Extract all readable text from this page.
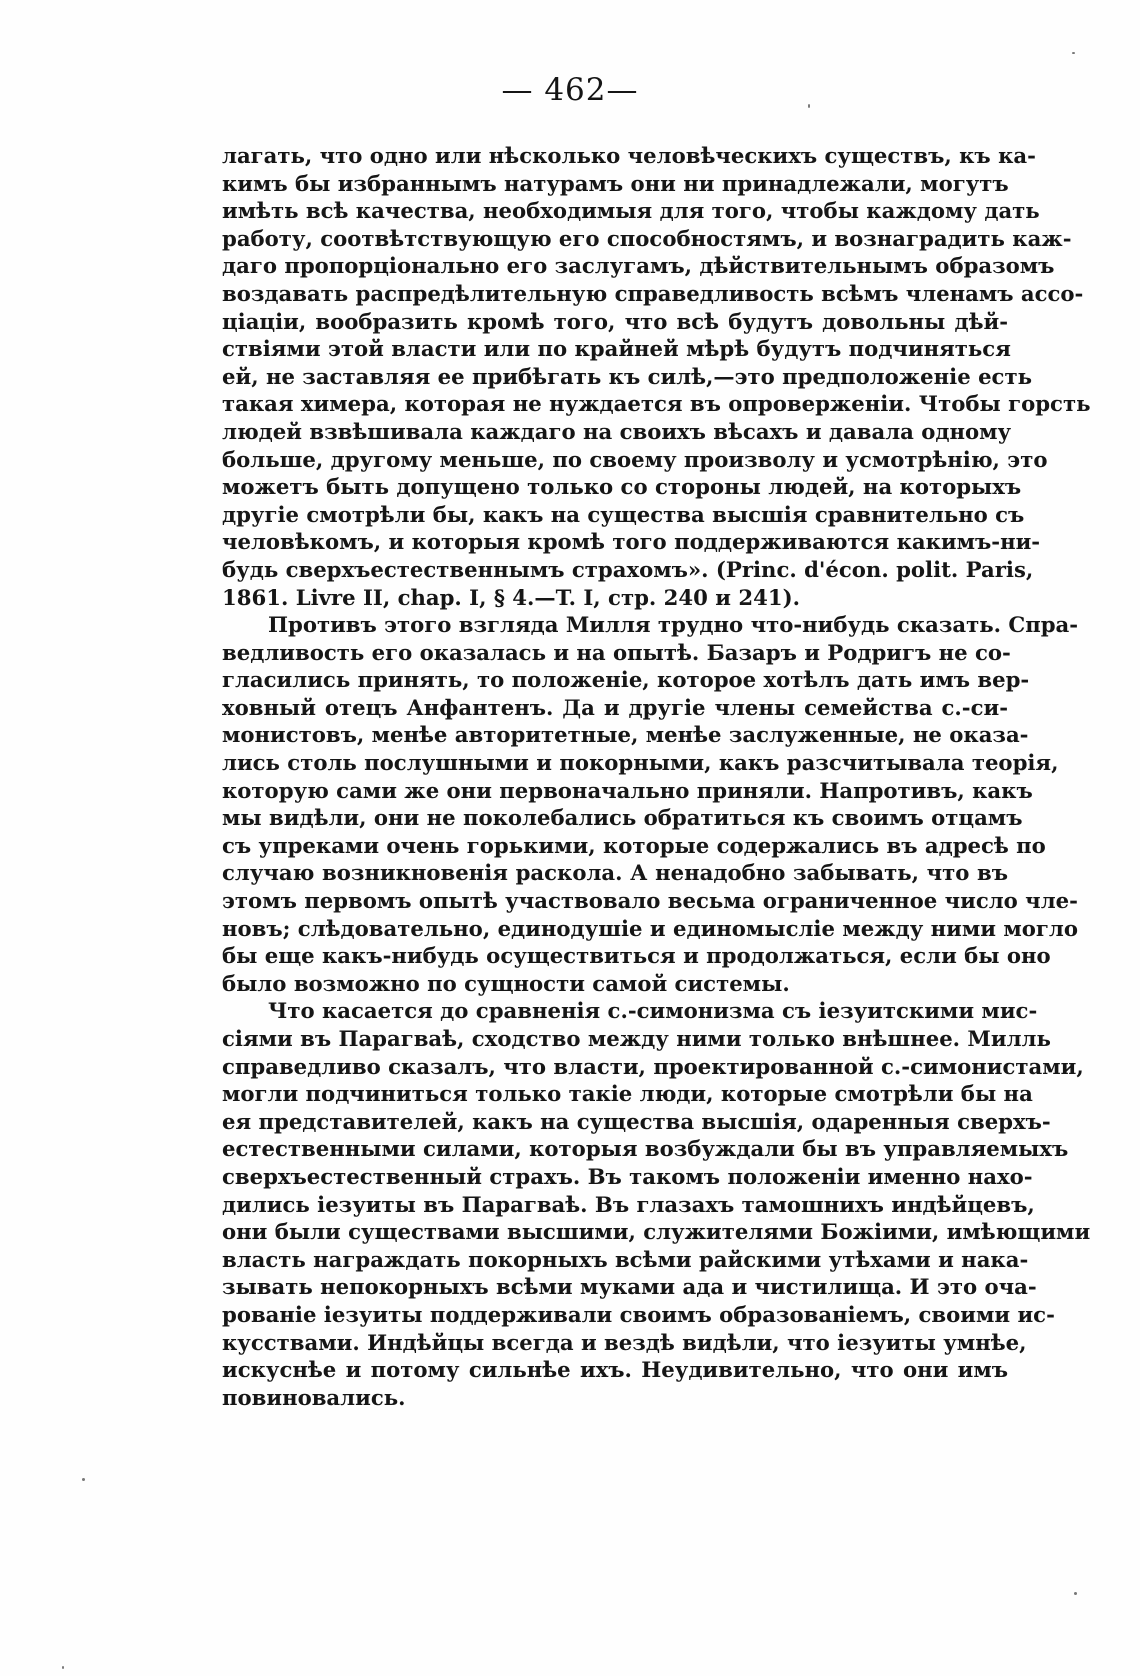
— 462—
лагать, что одно или нѣсколько человѣческихъ существъ, къ ка-
кимъ бы избраннымъ натурамъ они ни принадлежали, могутъ
имѣть всѣ качества, необходимыя для того, чтобы каждому дать
работу, соотвѣтствующую его способностямъ, и вознаградить каж-
даго пропорціонально его заслугамъ, дѣйствительнымъ образомъ
воздавать распредѣлительную справедливость всѣмъ членамъ ассо-
ціаціи, вообразить кромѣ того, что всѣ будутъ довольны дѣй-
ствіями этой власти или по крайней мѣрѣ будутъ подчиняться
ей, не заставляя ее прибѣгать къ силѣ,—это предположеніе есть
такая химера, которая не нуждается въ опроверженіи. Чтобы горсть
людей взвѣшивала каждаго на своихъ вѣсахъ и давала одному
больше, другому меньше, по своему произволу и усмотрѣнію, это
можетъ быть допущено только со стороны людей, на которыхъ
другіе смотрѣли бы, какъ на существа высшія сравнительно съ
человѣкомъ, и которыя кромѣ того поддерживаются какимъ-ни-
будь сверхъестественнымъ страхомъ». (Princ. d'écon. polit. Paris,
1861. Livre II, chap. I, § 4.—T. I, стр. 240 и 241).
Противъ этого взгляда Милля трудно что-нибудь сказать. Спра-
ведливость его оказалась и на опытѣ. Базаръ и Родригъ не со-
гласились принять, то положеніе, которое хотѣлъ дать имъ вер-
ховный отецъ Анфантенъ. Да и другіе члены семейства с.-си-
монистовъ, менѣе авторитетные, менѣе заслуженные, не оказа-
лись столь послушными и покорными, какъ разсчитывала теорія,
которую сами же они первоначально приняли. Напротивъ, какъ
мы видѣли, они не поколебались обратиться къ своимъ отцамъ
съ упреками очень горькими, которые содержались въ адресѣ по
случаю возникновенія раскола. А ненадобно забывать, что въ
этомъ первомъ опытѣ участвовало весьма ограниченное число чле-
новъ; слѣдовательно, единодушіе и единомысліе между ними могло
бы еще какъ-нибудь осуществиться и продолжаться, если бы оно
было возможно по сущности самой системы.
Что касается до сравненія с.-симонизма съ іезуитскими мис-
сіями въ Парагваѣ, сходство между ними только внѣшнее. Милль
справедливо сказалъ, что власти, проектированной с.-симонистами,
могли подчиниться только такіе люди, которые смотрѣли бы на
ея представителей, какъ на существа высшія, одаренныя сверхъ-
естественными силами, которыя возбуждали бы въ управляемыхъ
сверхъестественный страхъ. Въ такомъ положеніи именно нахо-
дились іезуиты въ Парагваѣ. Въ глазахъ тамошнихъ индѣйцевъ,
они были существами высшими, служителями Божіими, имѣющими
власть награждать покорныхъ всѣми райскими утѣхами и нака-
зывать непокорныхъ всѣми муками ада и чистилища. И это оча-
рованіе іезуиты поддерживали своимъ образованіемъ, своими ис-
кусствами. Индѣйцы всегда и вездѣ видѣли, что іезуиты умнѣе,
искуснѣе и потому сильнѣе ихъ. Неудивительно, что они имъ
повиновались.
